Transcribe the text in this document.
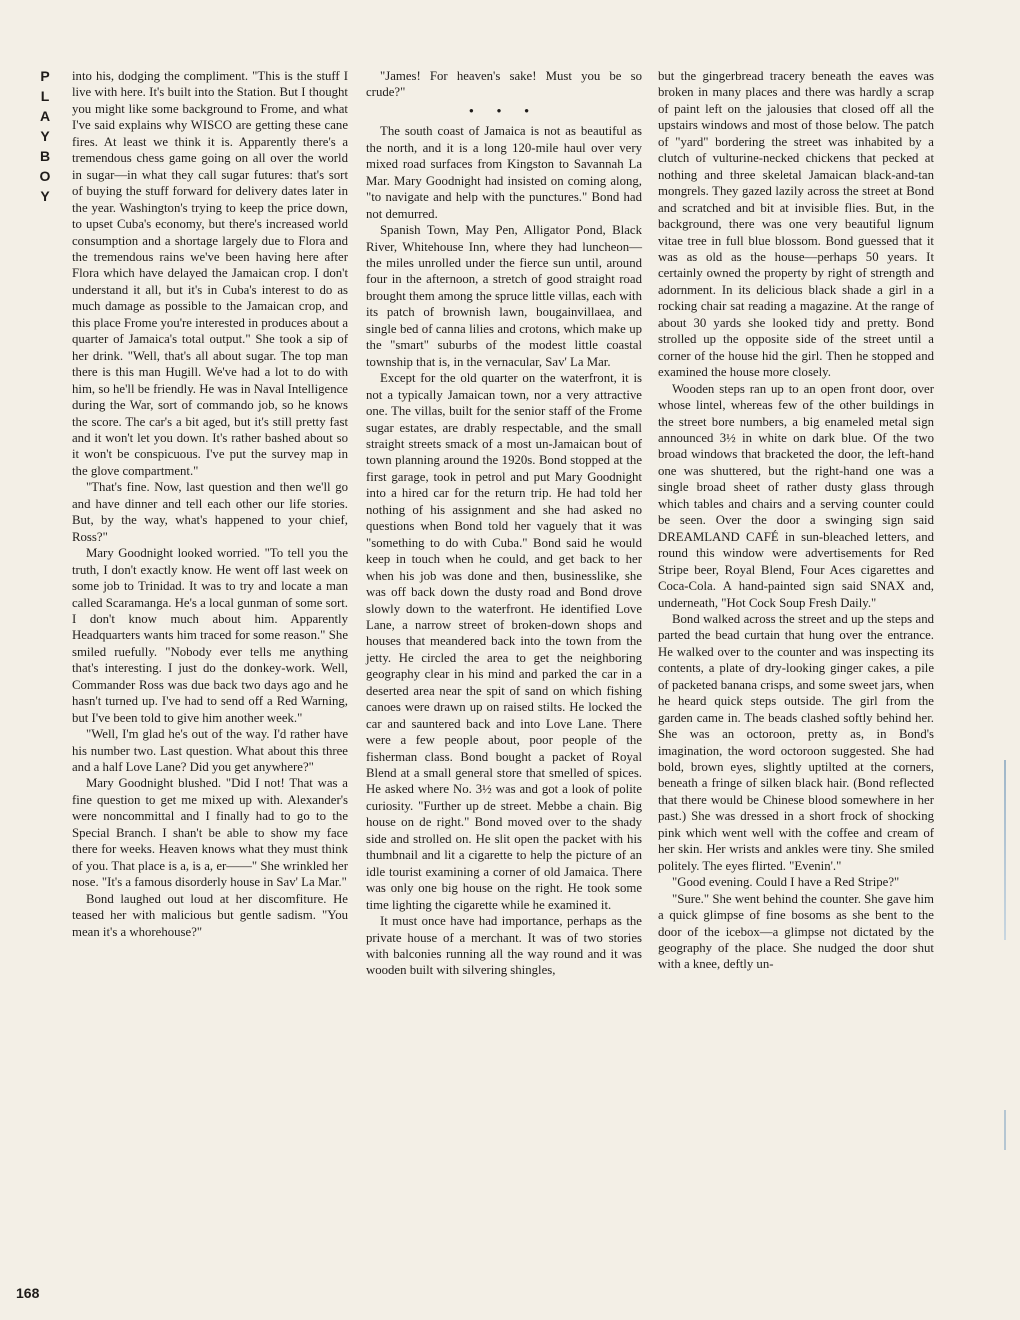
P
L
A
Y
B
O
Y
168

into his, dodging the compliment. "This is the stuff I live with here. It's built into the Station. But I thought you might like some background to Frome, and what I've said explains why WISCO are getting these cane fires. At least we think it is. Apparently there's a tremendous chess game going on all over the world in sugar—in what they call sugar futures: that's sort of buying the stuff forward for delivery dates later in the year. Washington's trying to keep the price down, to upset Cuba's economy, but there's increased world consumption and a shortage largely due to Flora and the tremendous rains we've been having here after Flora which have delayed the Jamaican crop. I don't understand it all, but it's in Cuba's interest to do as much damage as possible to the Jamaican crop, and this place Frome you're interested in produces about a quarter of Jamaica's total output." She took a sip of her drink. "Well, that's all about sugar. The top man there is this man Hugill. We've had a lot to do with him, so he'll be friendly. He was in Naval Intelligence during the War, sort of commando job, so he knows the score. The car's a bit aged, but it's still pretty fast and it won't let you down. It's rather bashed about so it won't be conspicuous. I've put the survey map in the glove compartment."

"That's fine. Now, last question and then we'll go and have dinner and tell each other our life stories. But, by the way, what's happened to your chief, Ross?"

Mary Goodnight looked worried. "To tell you the truth, I don't exactly know. He went off last week on some job to Trinidad. It was to try and locate a man called Scaramanga. He's a local gunman of some sort. I don't know much about him. Apparently Headquarters wants him traced for some reason." She smiled ruefully. "Nobody ever tells me anything that's interesting. I just do the donkey-work. Well, Commander Ross was due back two days ago and he hasn't turned up. I've had to send off a Red Warning, but I've been told to give him another week."

"Well, I'm glad he's out of the way. I'd rather have his number two. Last question. What about this three and a half Love Lane? Did you get anywhere?"

Mary Goodnight blushed. "Did I not! That was a fine question to get me mixed up with. Alexander's were noncommittal and I finally had to go to the Special Branch. I shan't be able to show my face there for weeks. Heaven knows what they must think of you. That place is a, is a, er——" She wrinkled her nose. "It's a famous disorderly house in Sav' La Mar."

Bond laughed out loud at her discomfiture. He teased her with malicious but gentle sadism. "You mean it's a whorehouse?"

"James! For heaven's sake! Must you be so crude?"

• • •

The south coast of Jamaica is not as beautiful as the north, and it is a long 120-mile haul over very mixed road surfaces from Kingston to Savannah La Mar. Mary Goodnight had insisted on coming along, "to navigate and help with the punctures." Bond had not demurred.

Spanish Town, May Pen, Alligator Pond, Black River, Whitehouse Inn, where they had luncheon—the miles unrolled under the fierce sun until, around four in the afternoon, a stretch of good straight road brought them among the spruce little villas, each with its patch of brownish lawn, bougainvillaea, and single bed of canna lilies and crotons, which make up the "smart" suburbs of the modest little coastal township that is, in the vernacular, Sav' La Mar.

Except for the old quarter on the waterfront, it is not a typically Jamaican town, nor a very attractive one. The villas, built for the senior staff of the Frome sugar estates, are drably respectable, and the small straight streets smack of a most un-Jamaican bout of town planning around the 1920s. Bond stopped at the first garage, took in petrol and put Mary Goodnight into a hired car for the return trip. He had told her nothing of his assignment and she had asked no questions when Bond told her vaguely that it was "something to do with Cuba." Bond said he would keep in touch when he could, and get back to her when his job was done and then, businesslike, she was off back down the dusty road and Bond drove slowly down to the waterfront. He identified Love Lane, a narrow street of broken-down shops and houses that meandered back into the town from the jetty. He circled the area to get the neighboring geography clear in his mind and parked the car in a deserted area near the spit of sand on which fishing canoes were drawn up on raised stilts. He locked the car and sauntered back and into Love Lane. There were a few people about, poor people of the fisherman class. Bond bought a packet of Royal Blend at a small general store that smelled of spices. He asked where No. 3½ was and got a look of polite curiosity. "Further up de street. Mebbe a chain. Big house on de right." Bond moved over to the shady side and strolled on. He slit open the packet with his thumbnail and lit a cigarette to help the picture of an idle tourist examining a corner of old Jamaica. There was only one big house on the right. He took some time lighting the cigarette while he examined it.

It must once have had importance, perhaps as the private house of a merchant. It was of two stories with balconies running all the way round and it was wooden built with silvering shingles,

but the gingerbread tracery beneath the eaves was broken in many places and there was hardly a scrap of paint left on the jalousies that closed off all the upstairs windows and most of those below. The patch of "yard" bordering the street was inhabited by a clutch of vulturine-necked chickens that pecked at nothing and three skeletal Jamaican black-and-tan mongrels. They gazed lazily across the street at Bond and scratched and bit at invisible flies. But, in the background, there was one very beautiful lignum vitae tree in full blue blossom. Bond guessed that it was as old as the house—perhaps 50 years. It certainly owned the property by right of strength and adornment. In its delicious black shade a girl in a rocking chair sat reading a magazine. At the range of about 30 yards she looked tidy and pretty. Bond strolled up the opposite side of the street until a corner of the house hid the girl. Then he stopped and examined the house more closely.

Wooden steps ran up to an open front door, over whose lintel, whereas few of the other buildings in the street bore numbers, a big enameled metal sign announced 3½ in white on dark blue. Of the two broad windows that bracketed the door, the left-hand one was shuttered, but the right-hand one was a single broad sheet of rather dusty glass through which tables and chairs and a serving counter could be seen. Over the door a swinging sign said DREAMLAND CAFÉ in sun-bleached letters, and round this window were advertisements for Red Stripe beer, Royal Blend, Four Aces cigarettes and Coca-Cola. A hand-painted sign said SNAX and, underneath, "Hot Cock Soup Fresh Daily."

Bond walked across the street and up the steps and parted the bead curtain that hung over the entrance. He walked over to the counter and was inspecting its contents, a plate of dry-looking ginger cakes, a pile of packeted banana crisps, and some sweet jars, when he heard quick steps outside. The girl from the garden came in. The beads clashed softly behind her. She was an octoroon, pretty as, in Bond's imagination, the word octoroon suggested. She had bold, brown eyes, slightly uptilted at the corners, beneath a fringe of silken black hair. (Bond reflected that there would be Chinese blood somewhere in her past.) She was dressed in a short frock of shocking pink which went well with the coffee and cream of her skin. Her wrists and ankles were tiny. She smiled politely. The eyes flirted. "Evenin'."

"Good evening. Could I have a Red Stripe?"

"Sure." She went behind the counter. She gave him a quick glimpse of fine bosoms as she bent to the door of the icebox—a glimpse not dictated by the geography of the place. She nudged the door shut with a knee, deftly un-
